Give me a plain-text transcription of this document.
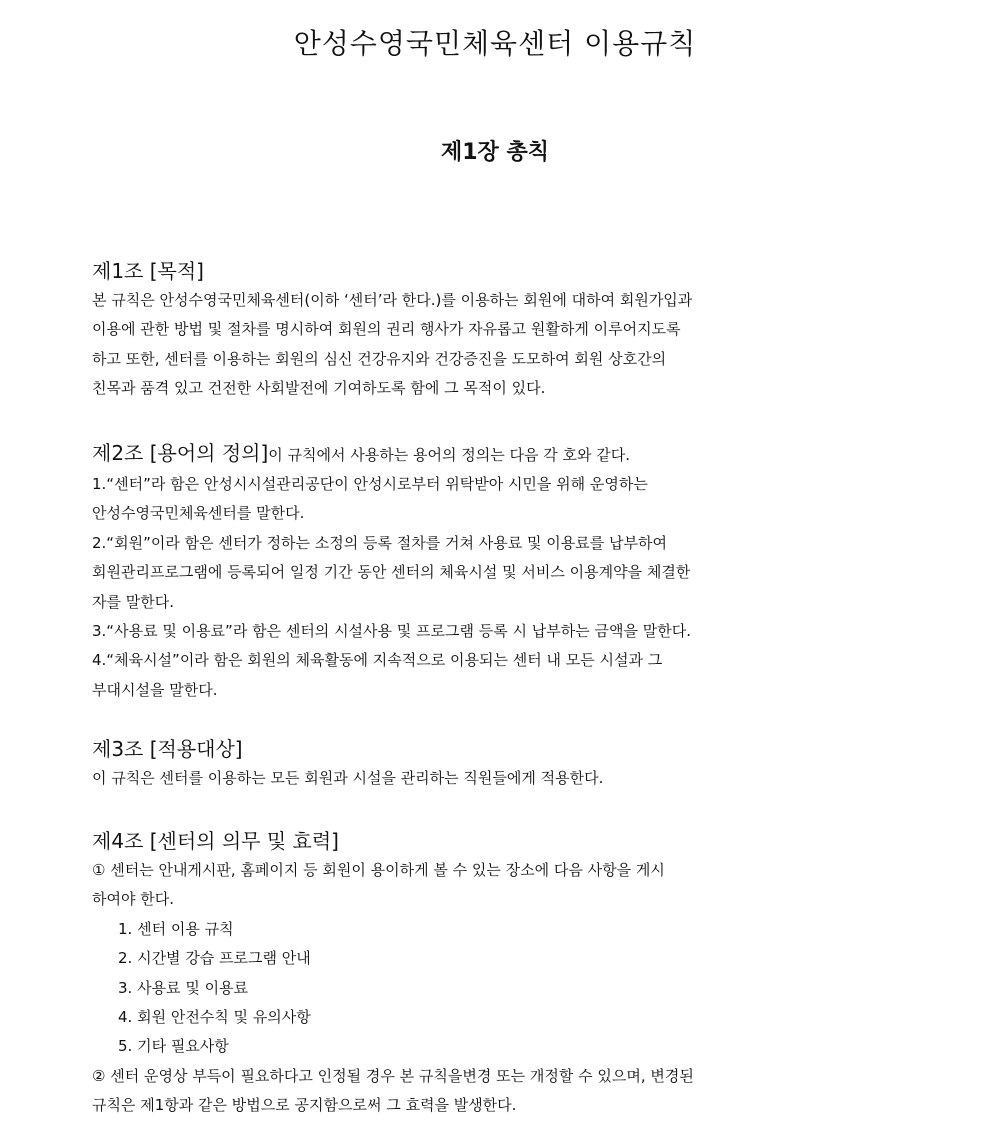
안성수영국민체육센터 이용규칙
제1장 총칙

제1조 [목적]

본 규칙은 안성수영국민체육센터(이하 ‘센터’라 한다.)를 이용하는 회원에 대하여 회원가입과

이용에 관한 방법 및 절차를 명시하여 회원의 권리 행사가 자유롭고 원활하게 이루어지도록

하고 또한, 센터를 이용하는 회원의 심신 건강유지와 건강증진을 도모하여 회원 상호간의

친목과 품격 있고 건전한 사회발전에 기여하도록 함에 그 목적이 있다.

제2조 [용어의 정의]이 규칙에서 사용하는 용어의 정의는 다음 각 호와 같다.

1.“센터”라 함은 안성시시설관리공단이 안성시로부터 위탁받아 시민을 위해 운영하는

안성수영국민체육센터를 말한다.

2.“회원”이라 함은 센터가 정하는 소정의 등록 절차를 거쳐 사용료 및 이용료를 납부하여

회원관리프로그램에 등록되어 일정 기간 동안 센터의 체육시설 및 서비스 이용계약을 체결한

자를 말한다.

3.“사용료 및 이용료”라 함은 센터의 시설사용 및 프로그램 등록 시 납부하는 금액을 말한다.

4.“체육시설”이라 함은 회원의 체육활동에 지속적으로 이용되는 센터 내 모든 시설과 그

부대시설을 말한다.

제3조 [적용대상]

이 규칙은 센터를 이용하는 모든 회원과 시설을 관리하는 직원들에게 적용한다.

제4조 [센터의 의무 및 효력]

① 센터는 안내게시판, 홈페이지 등 회원이 용이하게 볼 수 있는 장소에 다음 사항을 게시

하여야 한다.

1. 센터 이용 규칙

2. 시간별 강습 프로그램 안내

3. 사용료 및 이용료

4. 회원 안전수칙 및 유의사항

5. 기타 필요사항

② 센터 운영상 부득이 필요하다고 인정될 경우 본 규칙을변경 또는 개정할 수 있으며, 변경된

규칙은 제1항과 같은 방법으로 공지함으로써 그 효력을 발생한다.
